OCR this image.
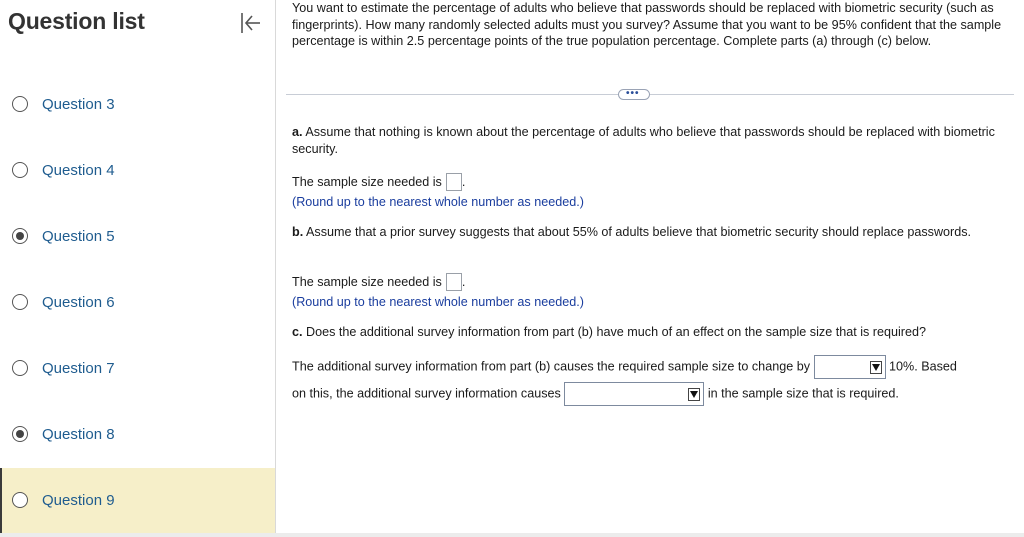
Question list
Question 3
Question 4
Question 5
Question 6
Question 7
Question 8
Question 9
You want to estimate the percentage of adults who believe that passwords should be replaced with biometric security (such as fingerprints). How many randomly selected adults must you survey? Assume that you want to be 95% confident that the sample percentage is within 2.5 percentage points of the true population percentage. Complete parts (a) through (c) below.
•••
a. Assume that nothing is known about the percentage of adults who believe that passwords should be replaced with biometric security.
The sample size needed is .
(Round up to the nearest whole number as needed.)
b. Assume that a prior survey suggests that about 55% of adults believe that biometric security should replace passwords.
The sample size needed is .
(Round up to the nearest whole number as needed.)
c. Does the additional survey information from part (b) have much of an effect on the sample size that is required?
The additional survey information from part (b) causes the required sample size to change by	10%. Based
on this, the additional survey information causes	in the sample size that is required.
